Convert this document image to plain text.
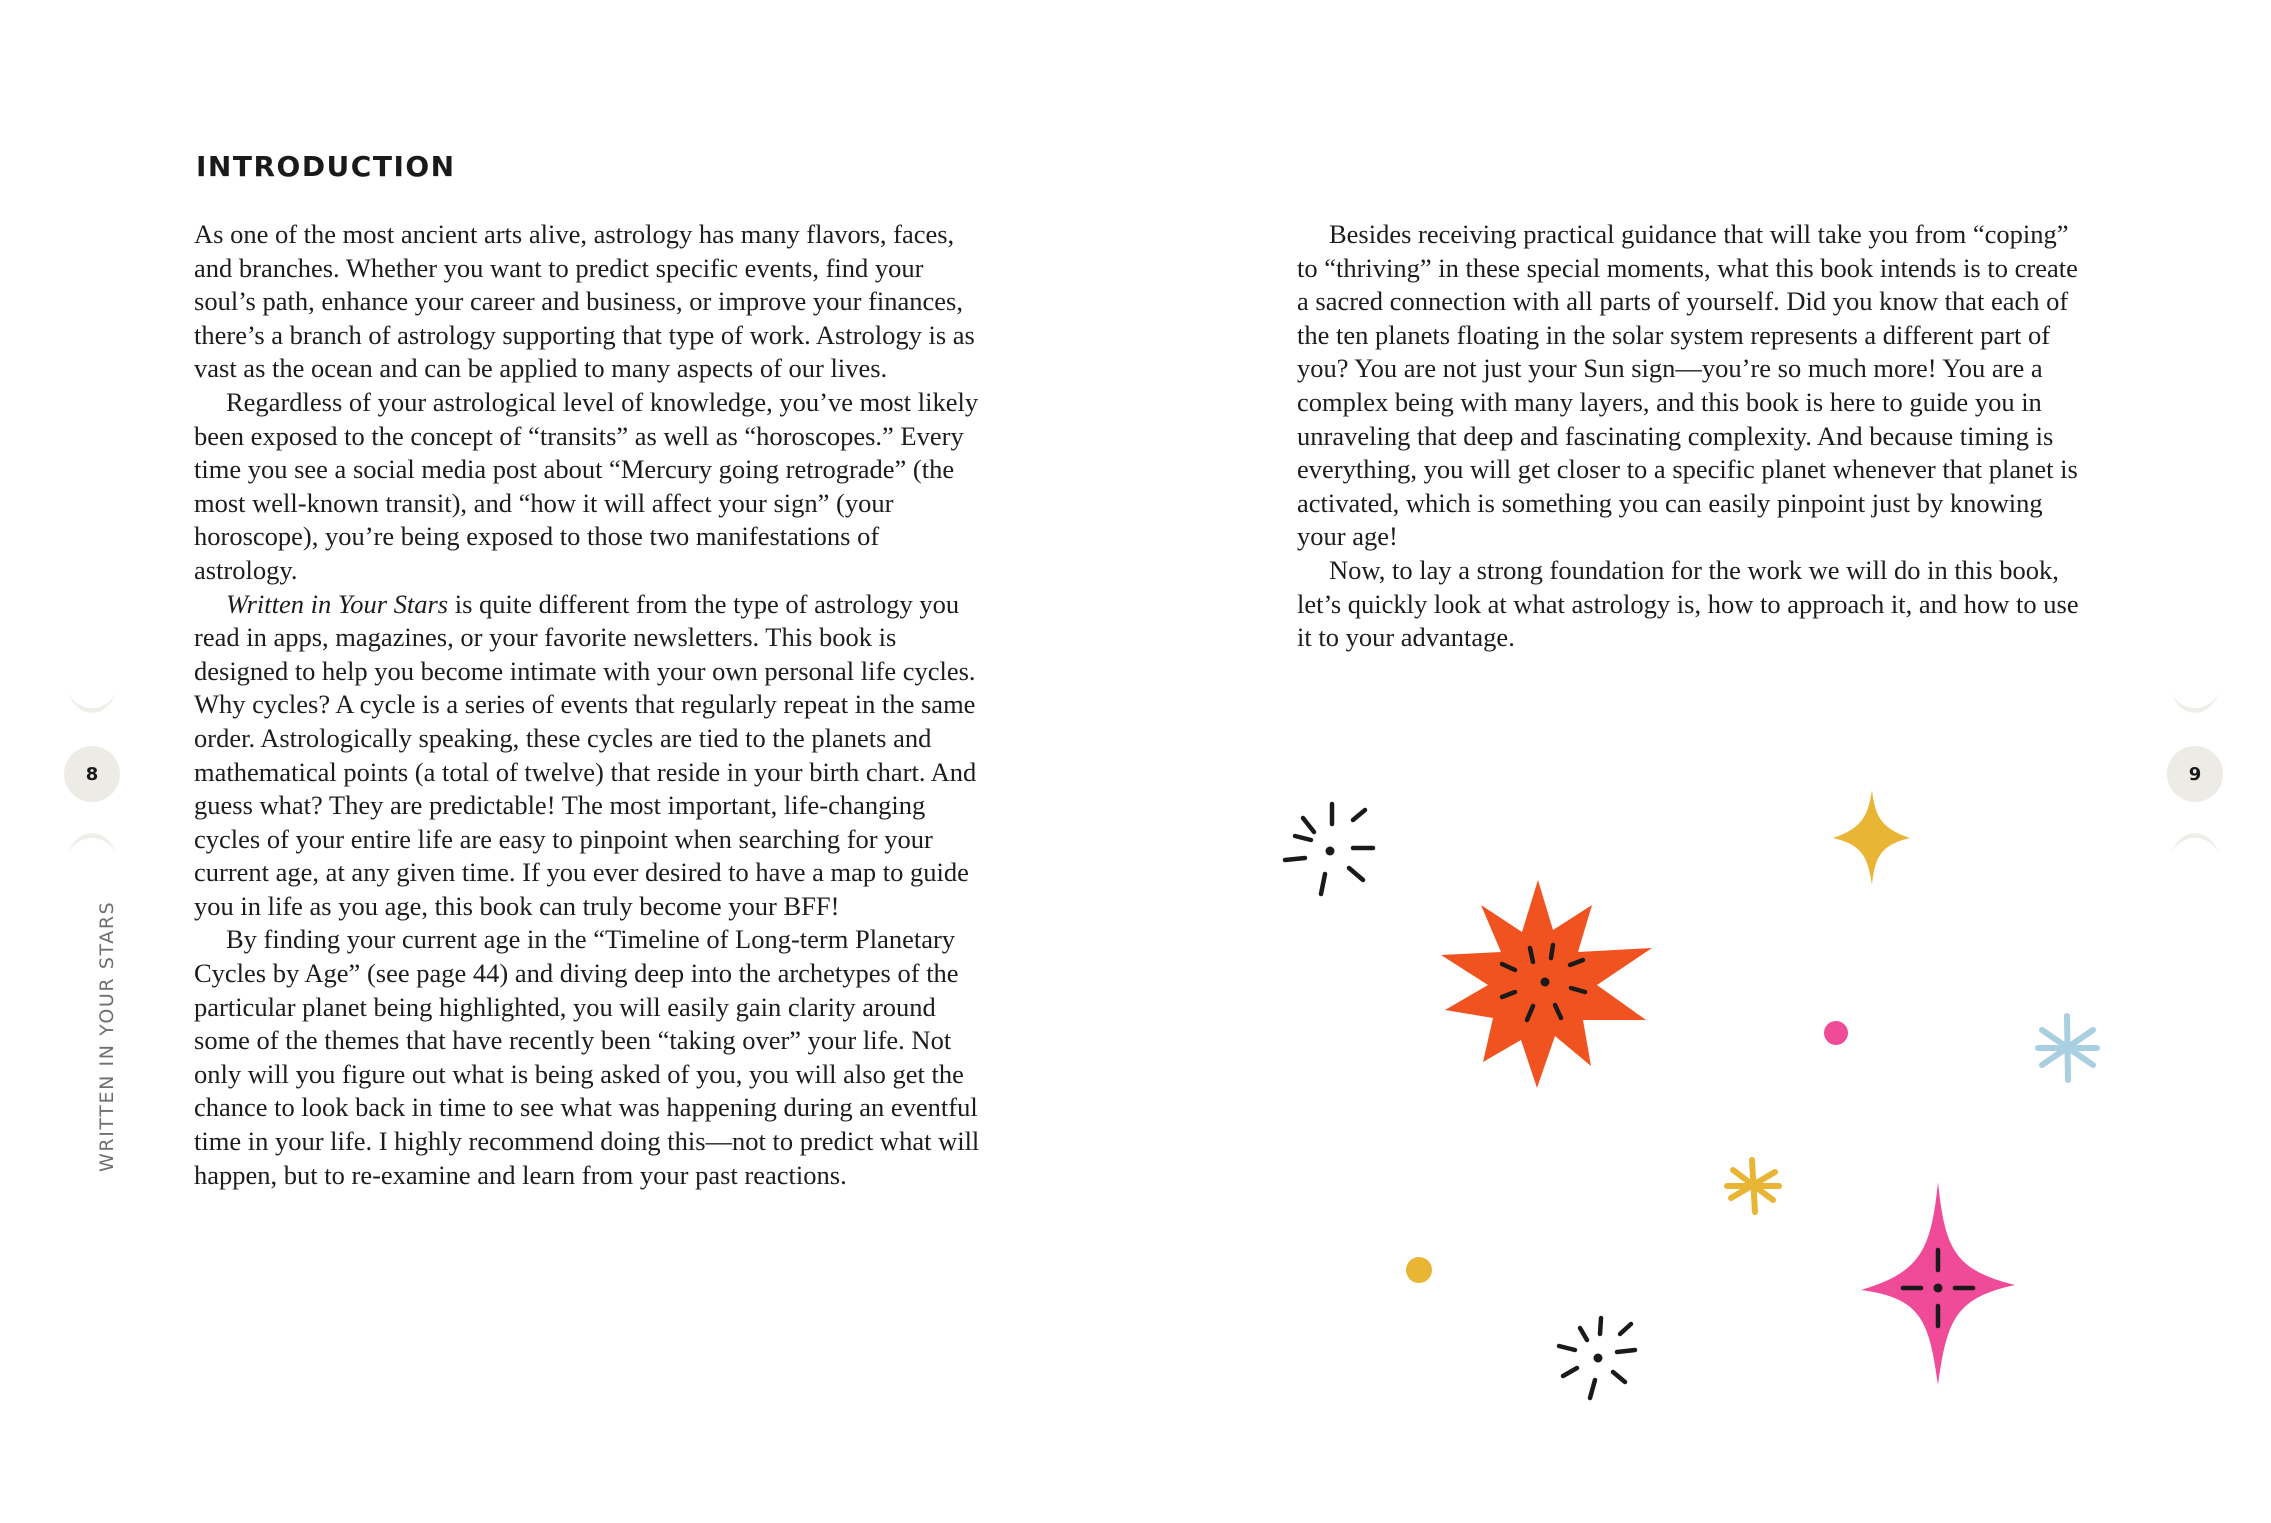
INTRODUCTION

As one of the most ancient arts alive, astrology has many flavors, faces, and branches. Whether you want to predict specific events, find your soul’s path, enhance your career and business, or improve your finances, there’s a branch of astrology supporting that type of work. Astrology is as vast as the ocean and can be applied to many aspects of our lives.

Regardless of your astrological level of knowledge, you’ve most likely been exposed to the concept of “transits” as well as “horoscopes.” Every time you see a social media post about “Mercury going retrograde” (the most well-known transit), and “how it will affect your sign” (your horoscope), you’re being exposed to those two manifestations of astrology.

Written in Your Stars is quite different from the type of astrology you read in apps, magazines, or your favorite newsletters. This book is designed to help you become intimate with your own personal life cycles. Why cycles? A cycle is a series of events that regularly repeat in the same order. Astrologically speaking, these cycles are tied to the planets and mathematical points (a total of twelve) that reside in your birth chart. And guess what? They are predictable! The most important, life-changing cycles of your entire life are easy to pinpoint when searching for your current age, at any given time. If you ever desired to have a map to guide you in life as you age, this book can truly become your BFF!

By finding your current age in the “Timeline of Long-term Planetary Cycles by Age” (see page 44) and diving deep into the archetypes of the particular planet being highlighted, you will easily gain clarity around some of the themes that have recently been “taking over” your life. Not only will you figure out what is being asked of you, you will also get the chance to look back in time to see what was happening during an eventful time in your life. I highly recommend doing this—not to predict what will happen, but to re-examine and learn from your past reactions.

8
WRITTEN IN YOUR STARS

Besides receiving practical guidance that will take you from “coping” to “thriving” in these special moments, what this book intends is to create a sacred connection with all parts of yourself. Did you know that each of the ten planets floating in the solar system represents a different part of you? You are not just your Sun sign—you’re so much more! You are a complex being with many layers, and this book is here to guide you in unraveling that deep and fascinating complexity. And because timing is everything, you will get closer to a specific planet whenever that planet is activated, which is something you can easily pinpoint just by knowing your age!

Now, to lay a strong foundation for the work we will do in this book, let’s quickly look at what astrology is, how to approach it, and how to use it to your advantage.

9
